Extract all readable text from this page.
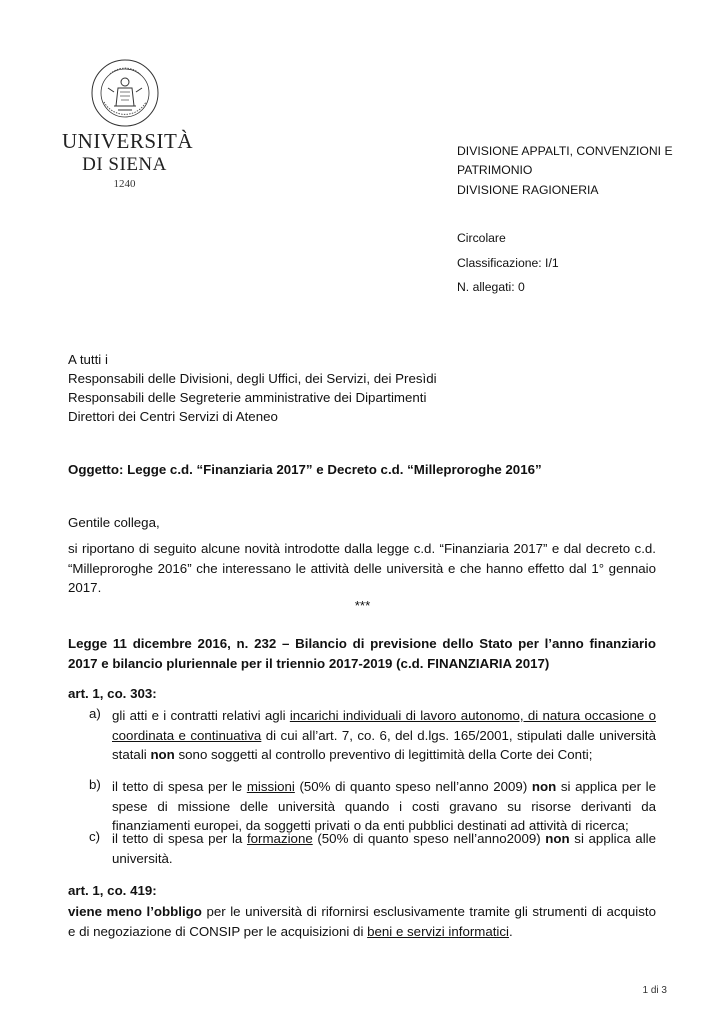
UNIVERSITÀ
DI SIENA
1240
DIVISIONE APPALTI, CONVENZIONI E
PATRIMONIO
DIVISIONE RAGIONERIA
Circolare
Classificazione: I/1
N. allegati: 0
A tutti i
Responsabili delle Divisioni, degli Uffici, dei Servizi, dei Presìdi
Responsabili delle Segreterie amministrative dei Dipartimenti
Direttori dei Centri Servizi di Ateneo
Oggetto: Legge c.d. “Finanziaria 2017” e Decreto c.d. “Milleproroghe 2016”
Gentile collega,
si riportano di seguito alcune novità introdotte dalla legge c.d. “Finanziaria 2017” e dal decreto c.d. “Milleproroghe 2016” che interessano le attività delle università e che hanno effetto dal 1° gennaio 2017.
***
Legge 11 dicembre 2016, n. 232 – Bilancio di previsione dello Stato per l’anno finanziario 2017 e bilancio pluriennale per il triennio 2017-2019 (c.d. FINANZIARIA 2017)
art. 1, co. 303:
a) gli atti e i contratti relativi agli incarichi individuali di lavoro autonomo, di natura occasione o coordinata e continuativa di cui all’art. 7, co. 6, del d.lgs. 165/2001, stipulati dalle università statali non sono soggetti al controllo preventivo di legittimità della Corte dei Conti;
b) il tetto di spesa per le missioni (50% di quanto speso nell’anno 2009) non si applica per le spese di missione delle università quando i costi gravano su risorse derivanti da finanziamenti europei, da soggetti privati o da enti pubblici destinati ad attività di ricerca;
c) il tetto di spesa per la formazione (50% di quanto speso nell’anno2009) non si applica alle università.
art. 1, co. 419:
viene meno l’obbligo per le università di rifornirsi esclusivamente tramite gli strumenti di acquisto e di negoziazione di CONSIP per le acquisizioni di beni e servizi informatici.
1 di 3
